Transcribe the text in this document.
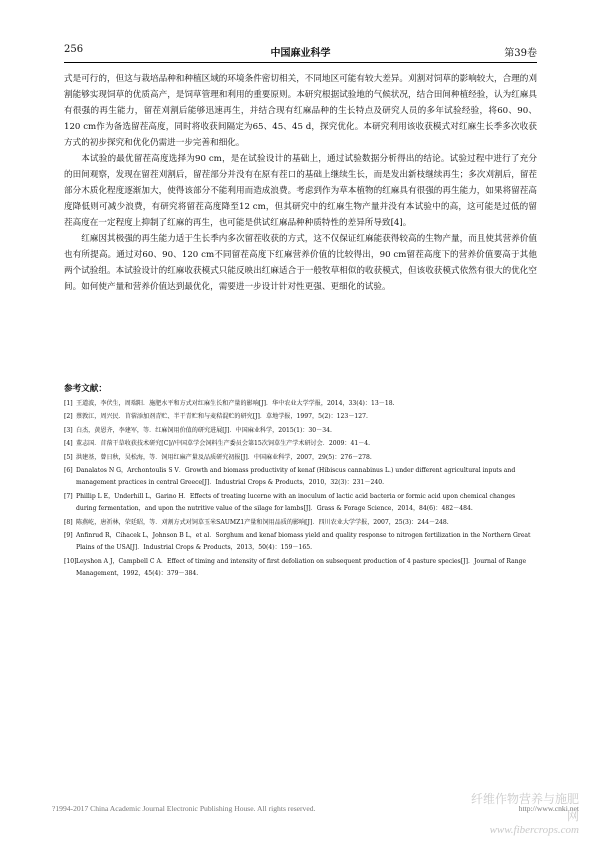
256	中国麻业科学	第39卷

式是可行的，但这与栽培品种和种植区域的环境条件密切相关，不同地区可能有较大差异。刈割对饲草的影响较大，合理的刈割能够实现饲草的优质高产，是饲草管理和利用的重要原则。本研究根据试验地的气候状况，结合田间种植经验，认为红麻具有很强的再生能力，留茬刈割后能够迅速再生，并结合现有红麻品种的生长特点及研究人员的多年试验经验，将60、90、120 cm作为备选留茬高度，同时将收获间隔定为65、45、45 d，探究优化。本研究利用该收获模式对红麻生长季多次收获方式的初步探究和优化仍需进一步完善和细化。

本试验的最优留茬高度选择为90 cm，是在试验设计的基础上，通过试验数据分析得出的结论。试验过程中进行了充分的田间观察，发现在留茬刈割后，留茬部分并没有在原有茬口的基础上继续生长，而是发出新枝继续再生；多次刈割后，留茬部分木质化程度逐渐加大，使得该部分不能利用而造成浪费。考虑到作为草本植物的红麻具有很强的再生能力，如果将留茬高度降低则可减少浪费，有研究将留茬高度降至12 cm，但其研究中的红麻生物产量并没有本试验中的高，这可能是过低的留茬高度在一定程度上抑制了红麻的再生，也可能是供试红麻品种种质特性的差异所导致[4]。

红麻因其极强的再生能力适于生长季内多次留茬收获的方式，这不仅保证红麻能获得较高的生物产量，而且使其营养价值也有所提高。通过对60、90、120 cm不同留茬高度下红麻营养价值的比较得出，90 cm留茬高度下的营养价值要高于其他两个试验组。本试验设计的红麻收获模式只能反映出红麻适合于一般牧草相似的收获模式，但该收获模式依然有很大的优化空间。如何使产量和营养价值达到最优化，需要进一步设计针对性更强、更细化的试验。

参考文献：
[1] 王道波，李伏生，周瑞阳．施肥水平和方式对红麻生长和产量的影响[J]．华中农业大学学报，2014，33(4)：13－18.
[2] 蔡敦江，周兴民．苜蓿添加剂青贮、半干青贮和与麦秸混贮的研究[J]．草地学报，1997，5(2)：123－127.
[3] 白杰，黄恩齐，李建军，等．红麻饲用价值的研究进展[J]．中国麻业科学，2015(1)：30－34.
[4] 董志国．苜蓿干草收获技术研究[C]//中国草学会饲料生产委员会第15次饲草生产学术研讨会．2009：41－4.
[5] 洪建基，曾日秋，吴松海，等．饲用红麻产量及品质研究初报[J]．中国麻业科学，2007，29(5)：276－278.
[6] Danalatos N G，Archontoulis S V．Growth and biomass productivity of kenaf (Hibiscus cannabinus L.) under different agricultural inputs and management practices in central Greece[J]．Industrial Crops & Products，2010，32(3)：231－240.
[7] Phillip L E，Underhill L，Garino H．Effects of treating lucerne with an inoculum of lactic acid bacteria or formic acid upon chemical changes during fermentation，and upon the nutritive value of the silage for lambs[J]．Grass & Forage Science，2014，84(6)：482－484.
[8] 陈燕屹，唐祈林，荣廷昭，等．刈割方式对饲草玉米SAUMZ1产量和饲用品质的影响[J]．四川农业大学学报，2007，25(3)：244－248.
[9] Anfinrud R，Cihacek L，Johnson B L，et al．Sorghum and kenaf biomass yield and quality response to nitrogen fertilization in the Northern Great Plains of the USA[J]．Industrial Crops & Products，2013，50(4)：159－165.
[10]Leyshon A J，Campbell C A．Effect of timing and intensity of first defoliation on subsequent production of 4 pasture species[J]．Journal of Range Management，1992，45(4)：379－384.
?1994-2017 China Academic Journal Electronic Publishing House. All rights reserved.	http://www.cnki.net
纤维作物营养与施肥网
www.fibercrops.com
